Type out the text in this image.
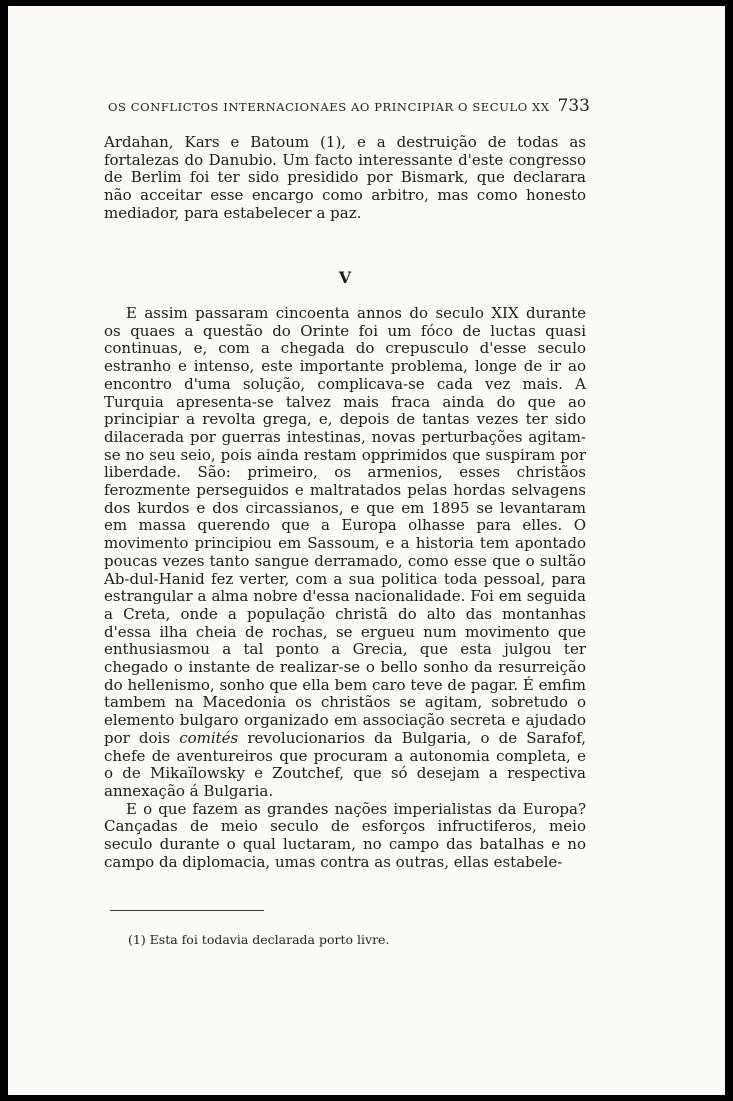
OS CONFLICTOS INTERNACIONAES AO PRINCIPIAR O SECULO XX 733

Ardahan, Kars e Batoum (1), e a destruição de todas as fortalezas do Danubio. Um facto interessante d'este congresso de Berlim foi ter sido presidido por Bismark, que declarara não acceitar esse encargo como arbitro, mas como honesto mediador, para estabelecer a paz.

V

E assim passaram cincoenta annos do seculo XIX durante os quaes a questão do Orinte foi um fóco de luctas quasi continuas, e, com a chegada do crepusculo d'esse seculo estranho e intenso, este importante problema, longe de ir ao encontro d'uma solução, complicava-se cada vez mais. A Turquia apresenta-se talvez mais fraca ainda do que ao principiar a revolta grega, e, depois de tantas vezes ter sido dilacerada por guerras intestinas, novas perturbações agitam-se no seu seio, pois ainda restam opprimidos que suspiram por liberdade. São: primeiro, os armenios, esses christãos ferozmente perseguidos e maltratados pelas hordas selvagens dos kurdos e dos circassianos, e que em 1895 se levantaram em massa querendo que a Europa olhasse para elles. O movimento principiou em Sassoum, e a historia tem apontado poucas vezes tanto sangue derramado, como esse que o sultão Ab-dul-Hanid fez verter, com a sua politica toda pessoal, para estrangular a alma nobre d'essa nacionalidade. Foi em seguida a Creta, onde a população christã do alto das montanhas d'essa ilha cheia de rochas, se ergueu num movimento que enthusiasmou a tal ponto a Grecia, que esta julgou ter chegado o instante de realizar-se o bello sonho da resurreição do hellenismo, sonho que ella bem caro teve de pagar. É emfim tambem na Macedonia os christãos se agitam, sobretudo o elemento bulgaro organizado em associação secreta e ajudado por dois comités revolucionarios da Bulgaria, o de Sarafof, chefe de aventureiros que procuram a autonomia completa, e o de Mikaïlowsky e Zoutchef, que só desejam a respectiva annexação á Bulgaria.

E o que fazem as grandes nações imperialistas da Europa? Cançadas de meio seculo de esforços infructiferos, meio seculo durante o qual luctaram, no campo das batalhas e no campo da diplomacia, umas contra as outras, ellas estabele-

(1) Esta foi todavia declarada porto livre.
